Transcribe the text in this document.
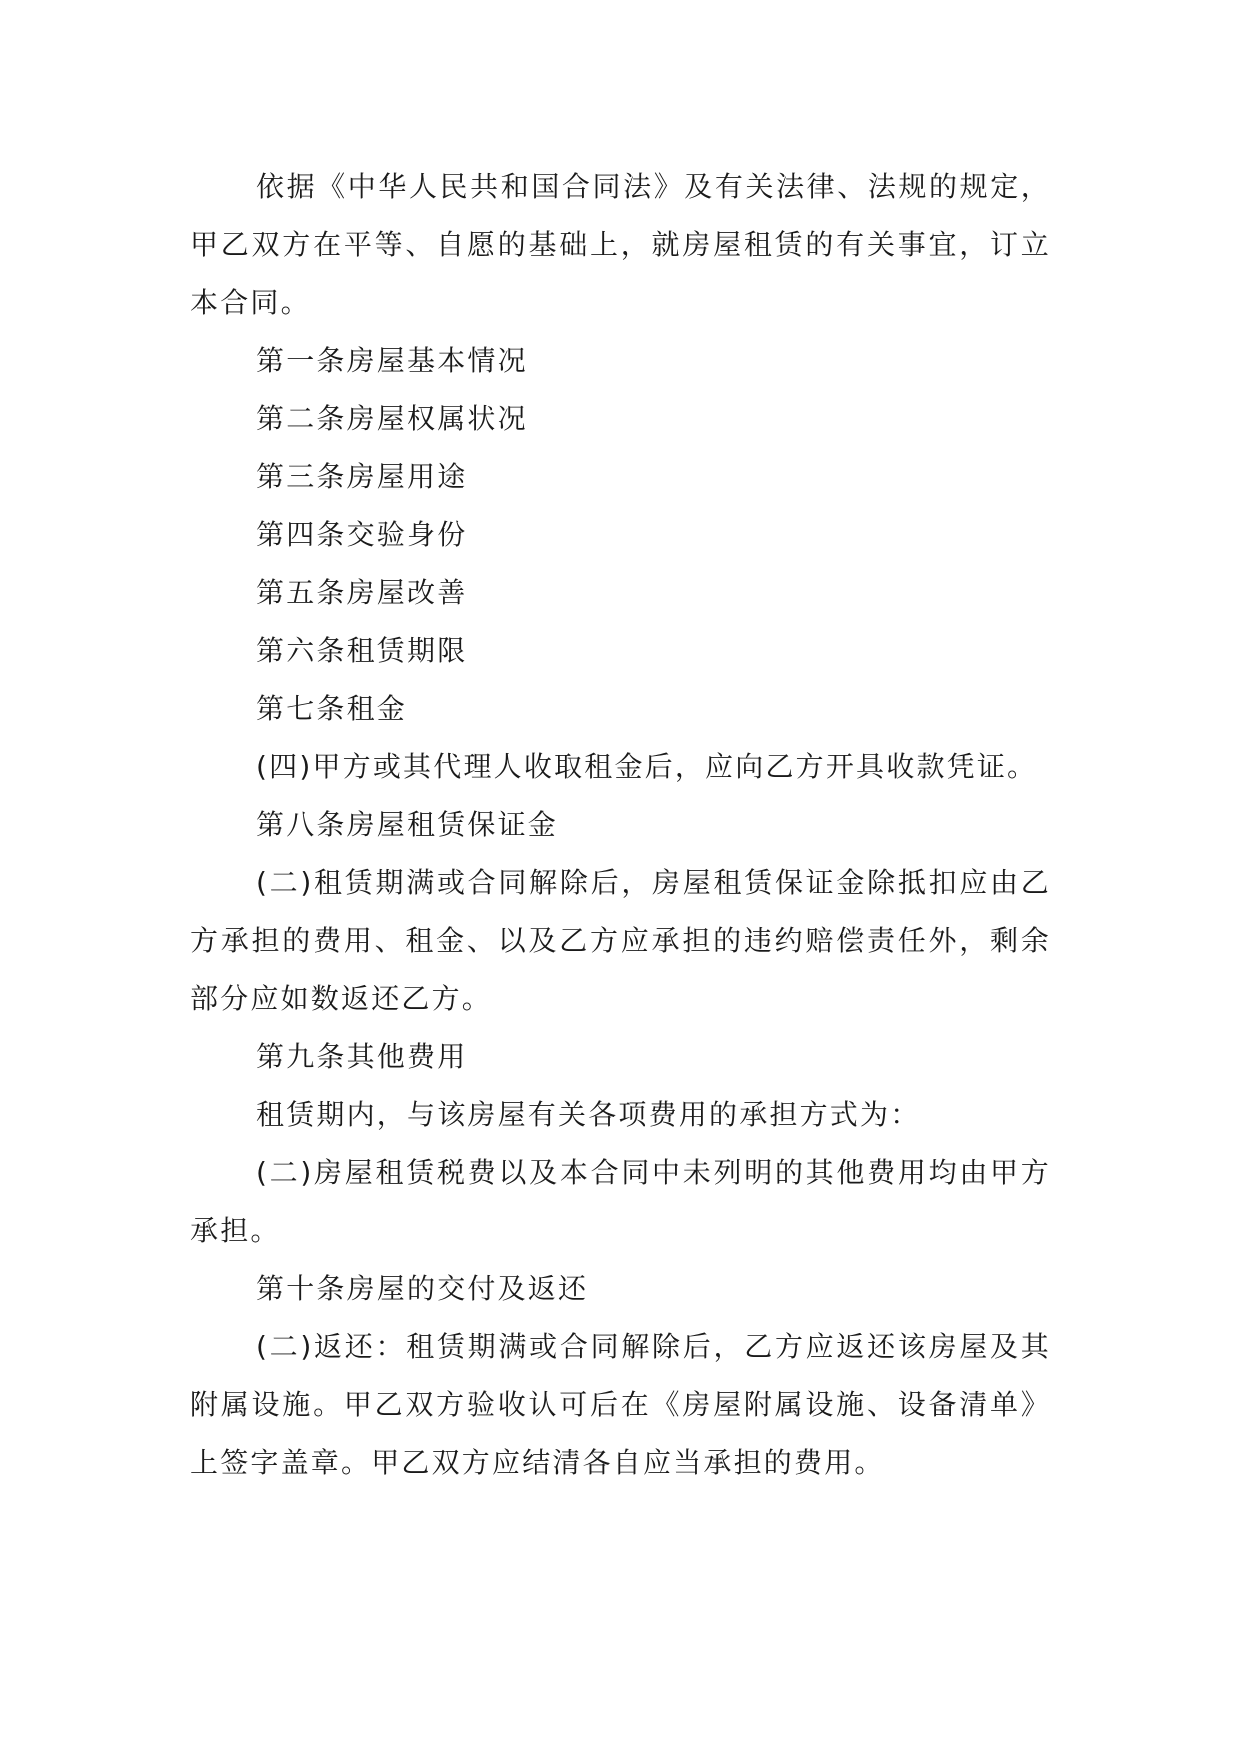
依据《中华人民共和国合同法》及有关法律、法规的规定，甲乙双方在平等、自愿的基础上，就房屋租赁的有关事宜，订立本合同。

第一条房屋基本情况

第二条房屋权属状况

第三条房屋用途

第四条交验身份

第五条房屋改善

第六条租赁期限

第七条租金

(四)甲方或其代理人收取租金后，应向乙方开具收款凭证。

第八条房屋租赁保证金

(二)租赁期满或合同解除后，房屋租赁保证金除抵扣应由乙方承担的费用、租金、以及乙方应承担的违约赔偿责任外，剩余部分应如数返还乙方。

第九条其他费用

租赁期内，与该房屋有关各项费用的承担方式为：

(二)房屋租赁税费以及本合同中未列明的其他费用均由甲方承担。

第十条房屋的交付及返还

(二)返还：租赁期满或合同解除后，乙方应返还该房屋及其附属设施。甲乙双方验收认可后在《房屋附属设施、设备清单》上签字盖章。甲乙双方应结清各自应当承担的费用。
